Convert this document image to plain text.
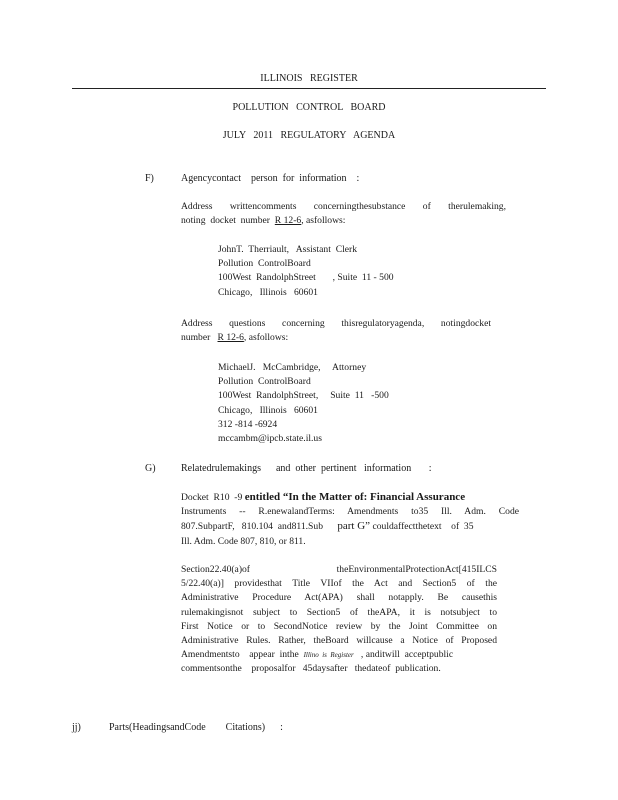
ILLINOIS REGISTER
POLLUTION CONTROL BOARD
JULY 2011 REGULATORY AGENDA
F)	Agencycontact    person  for  information    :

Address writtencomments concerningthesubstance of therulemaking,

noting  docket  number  R 12-6, asfollows:

JohnT.  Therriault,   Assistant  Clerk

Pollution  ControlBoard

100West  RandolphStreet       , Suite  11 - 500

Chicago,   Illinois   60601

Address questions concerning thisregulatoryagenda, notingdocket

number   R 12-6, asfollows:

MichaelJ.   McCambridge,     Attorney

Pollution  ControlBoard

100West  RandolphStreet,     Suite  11   -500

Chicago,   Illinois   60601

312 -814 -6924

mccambm@ipcb.state.il.us

G)	Relatedrulemakings      and  other  pertinent   information       :

Docket  R10  -9 entitled “In the Matter of: Financial Assurance

Instruments -- R.enewalandTerms: Amendments to35 Ill. Adm. Code

807.SubpartF,   810.104  and811.Sub      part G” couldaffectthetext    of  35

Ill. Adm. Code 807, 810, or 811.

Section22.40(a)of theEnvironmentalProtectionAct[415ILCS

5/22.40(a)] providesthat Title VIIof the Act and Section5 of the

Administrative Procedure Act(APA) shall notapply. Be causethis

rulemakingisnot subject to Section5 of theAPA, it is notsubject to

First Notice or to SecondNotice review by the Joint Committee on

Administrative Rules. Rather, theBoard willcause a Notice of Proposed

Amendmentsto    appear  inthe  Illino  is  Register   , anditwill  acceptpublic

commentsonthe    proposalfor   45daysafter   thedateof  publication.

jj)	Parts(HeadingsandCode        Citations)      :
